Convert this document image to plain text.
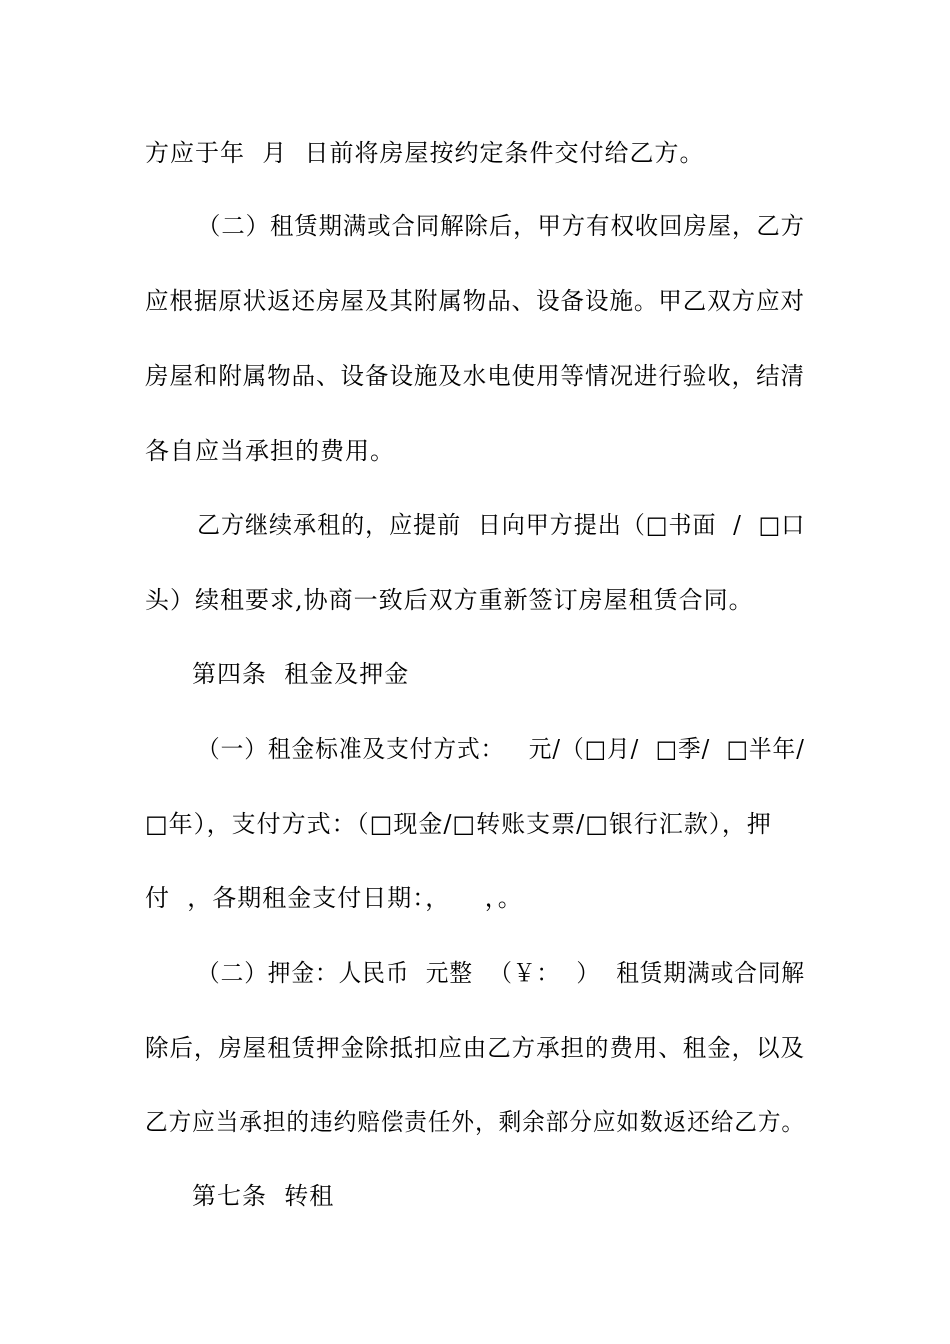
方应于年  月  日前将房屋按约定条件交付给乙方。
（二）租赁期满或合同解除后，甲方有权收回房屋，乙方
应根据原状返还房屋及其附属物品、设备设施。甲乙双方应对
房屋和附属物品、设备设施及水电使用等情况进行验收，结清
各自应当承担的费用。
乙方继续承租的，应提前  日向甲方提出（□书面  /  □口
头）续租要求,协商一致后双方重新签订房屋租赁合同。
第四条  租金及押金
（一）租金标准及支付方式：   元/（□月/  □季/  □半年/
□年），支付方式：（□现金/□转账支票/□银行汇款），押
付  ，各期租金支付日期：，    ，。
（二）押金：人民币  元整  （￥：  ）  租赁期满或合同解
除后，房屋租赁押金除抵扣应由乙方承担的费用、租金，以及
乙方应当承担的违约赔偿责任外，剩余部分应如数返还给乙方。
第七条  转租
